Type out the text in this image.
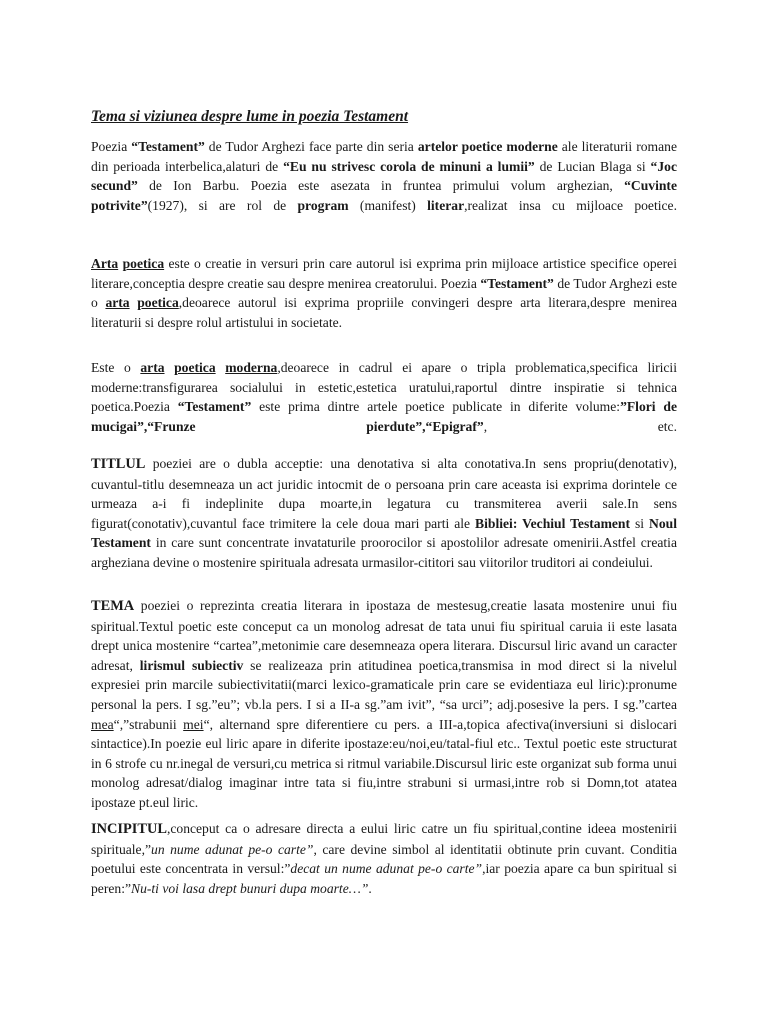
Tema si viziunea despre lume in poezia Testament

Poezia “Testament” de Tudor Arghezi face parte din seria artelor poetice moderne ale literaturii romane din perioada interbelica,alaturi de “Eu nu strivesc corola de minuni a lumii” de Lucian Blaga si “Joc secund” de Ion Barbu. Poezia este asezata in fruntea primului volum arghezian, “Cuvinte potrivite”(1927), si are rol de program (manifest) literar,realizat insa cu mijloace poetice.

Arta poetica este o creatie in versuri prin care autorul isi exprima prin mijloace artistice specifice operei literare,conceptia despre creatie sau despre menirea creatorului. Poezia “Testament” de Tudor Arghezi este o arta poetica,deoarece autorul isi exprima propriile convingeri despre arta literara,despre menirea literaturii si despre rolul artistului in societate.

Este o arta poetica moderna,deoarece in cadrul ei apare o tripla problematica,specifica liricii moderne:transfigurarea socialului in estetic,estetica uratului,raportul dintre inspiratie si tehnica poetica.Poezia “Testament” este prima dintre artele poetice publicate in diferite volume:”Flori de mucigai”,“Frunze pierdute”,“Epigraf”, etc.

TITLUL poeziei are o dubla acceptie: una denotativa si alta conotativa.In sens propriu(denotativ), cuvantul-titlu desemneaza un act juridic intocmit de o persoana prin care aceasta isi exprima dorintele ce urmeaza a-i fi indeplinite dupa moarte,in legatura cu transmiterea averii sale.In sens figurat(conotativ),cuvantul face trimitere la cele doua mari parti ale Bibliei: Vechiul Testament si Noul Testament in care sunt concentrate invataturile proorocilor si apostolilor adresate omenirii.Astfel creatia argheziana devine o mostenire spirituala adresata urmasilor-cititori sau viitorilor truditori ai condeiului.

TEMA poeziei o reprezinta creatia literara in ipostaza de mestesug,creatie lasata mostenire unui fiu spiritual.Textul poetic este conceput ca un monolog adresat de tata unui fiu spiritual caruia ii este lasata drept unica mostenire “cartea”,metonimie care desemneaza opera literara. Discursul liric avand un caracter adresat, lirismul subiectiv se realizeaza prin atitudinea poetica,transmisa in mod direct si la nivelul expresiei prin marcile subiectivitatii(marci lexico-gramaticale prin care se evidentiaza eul liric):pronume personal la pers. I sg.”eu”; vb.la pers. I si a II-a sg.”am ivit”, “sa urci”; adj.posesive la pers. I sg.”cartea mea“,”strabunii mei“, alternand spre diferentiere cu pers. a III-a,topica afectiva(inversiuni si dislocari sintactice).In poezie eul liric apare in diferite ipostaze:eu/noi,eu/tatal-fiul etc.. Textul poetic este structurat in 6 strofe cu nr.inegal de versuri,cu metrica si ritmul variabile.Discursul liric este organizat sub forma unui monolog adresat/dialog imaginar intre tata si fiu,intre strabuni si urmasi,intre rob si Domn,tot atatea ipostaze pt.eul liric.

INCIPITUL,conceput ca o adresare directa a eului liric catre un fiu spiritual,contine ideea mostenirii spirituale,”un nume adunat pe-o carte”, care devine simbol al identitatii obtinute prin cuvant. Conditia poetului este concentrata in versul:”decat un nume adunat pe-o carte”,iar poezia apare ca bun spiritual si peren:”Nu-ti voi lasa drept bunuri dupa moarte…”.
